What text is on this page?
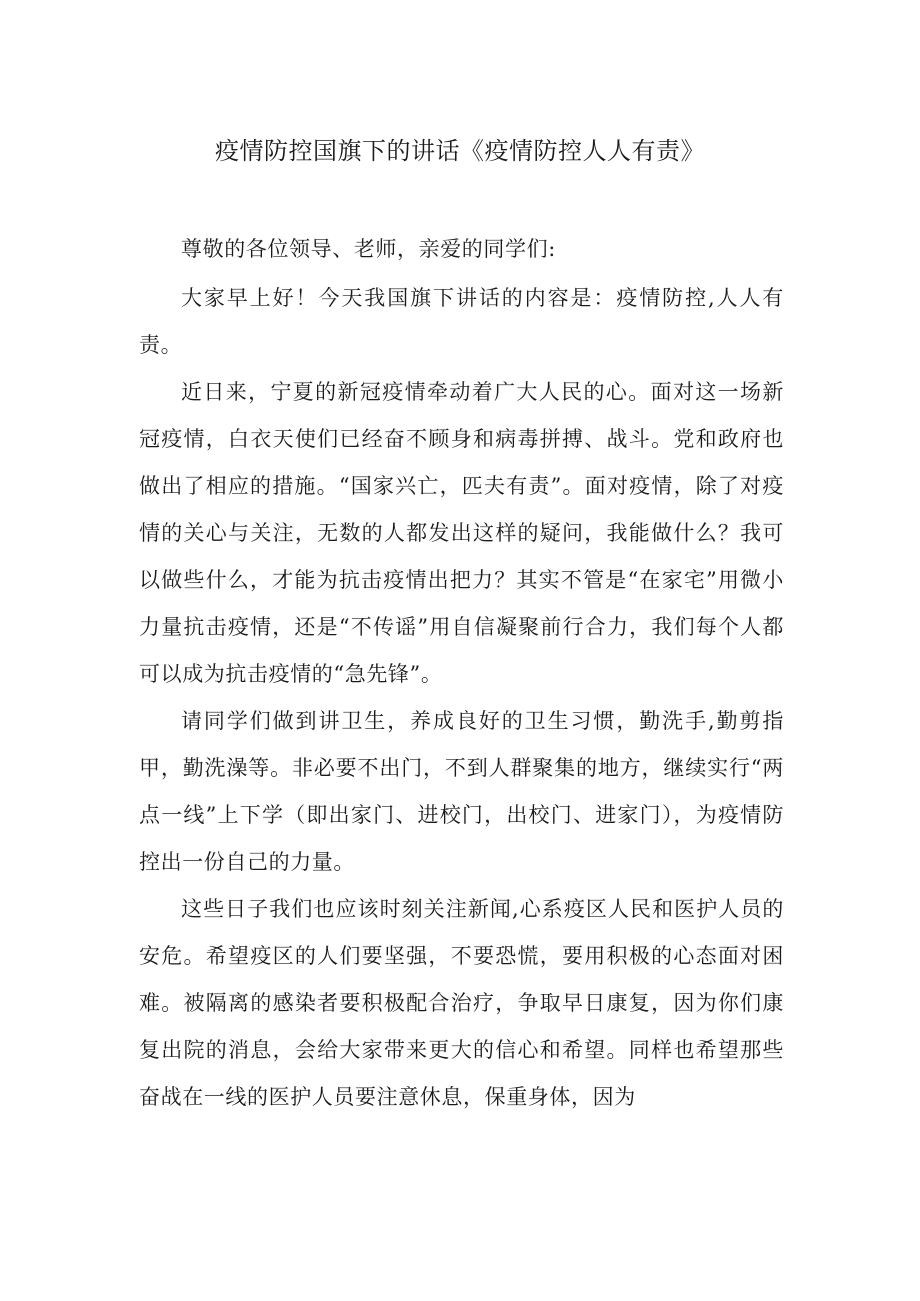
疫情防控国旗下的讲话《疫情防控人人有责》

尊敬的各位领导、老师，亲爱的同学们:

大家早上好！今天我国旗下讲话的内容是：疫情防控,人人有责。

近日来，宁夏的新冠疫情牵动着广大人民的心。面对这一场新冠疫情，白衣天使们已经奋不顾身和病毒拼搏、战斗。党和政府也做出了相应的措施。“国家兴亡，匹夫有责”。面对疫情，除了对疫情的关心与关注，无数的人都发出这样的疑问，我能做什么？我可以做些什么，才能为抗击疫情出把力？其实不管是“在家宅”用微小力量抗击疫情，还是“不传谣”用自信凝聚前行合力，我们每个人都可以成为抗击疫情的“急先锋”。

请同学们做到讲卫生，养成良好的卫生习惯，勤洗手,勤剪指甲，勤洗澡等。非必要不出门，不到人群聚集的地方，继续实行“两点一线”上下学（即出家门、进校门，出校门、进家门），为疫情防控出一份自己的力量。

这些日子我们也应该时刻关注新闻,心系疫区人民和医护人员的安危。希望疫区的人们要坚强，不要恐慌，要用积极的心态面对困难。被隔离的感染者要积极配合治疗，争取早日康复，因为你们康复出院的消息，会给大家带来更大的信心和希望。同样也希望那些奋战在一线的医护人员要注意休息，保重身体，因为
